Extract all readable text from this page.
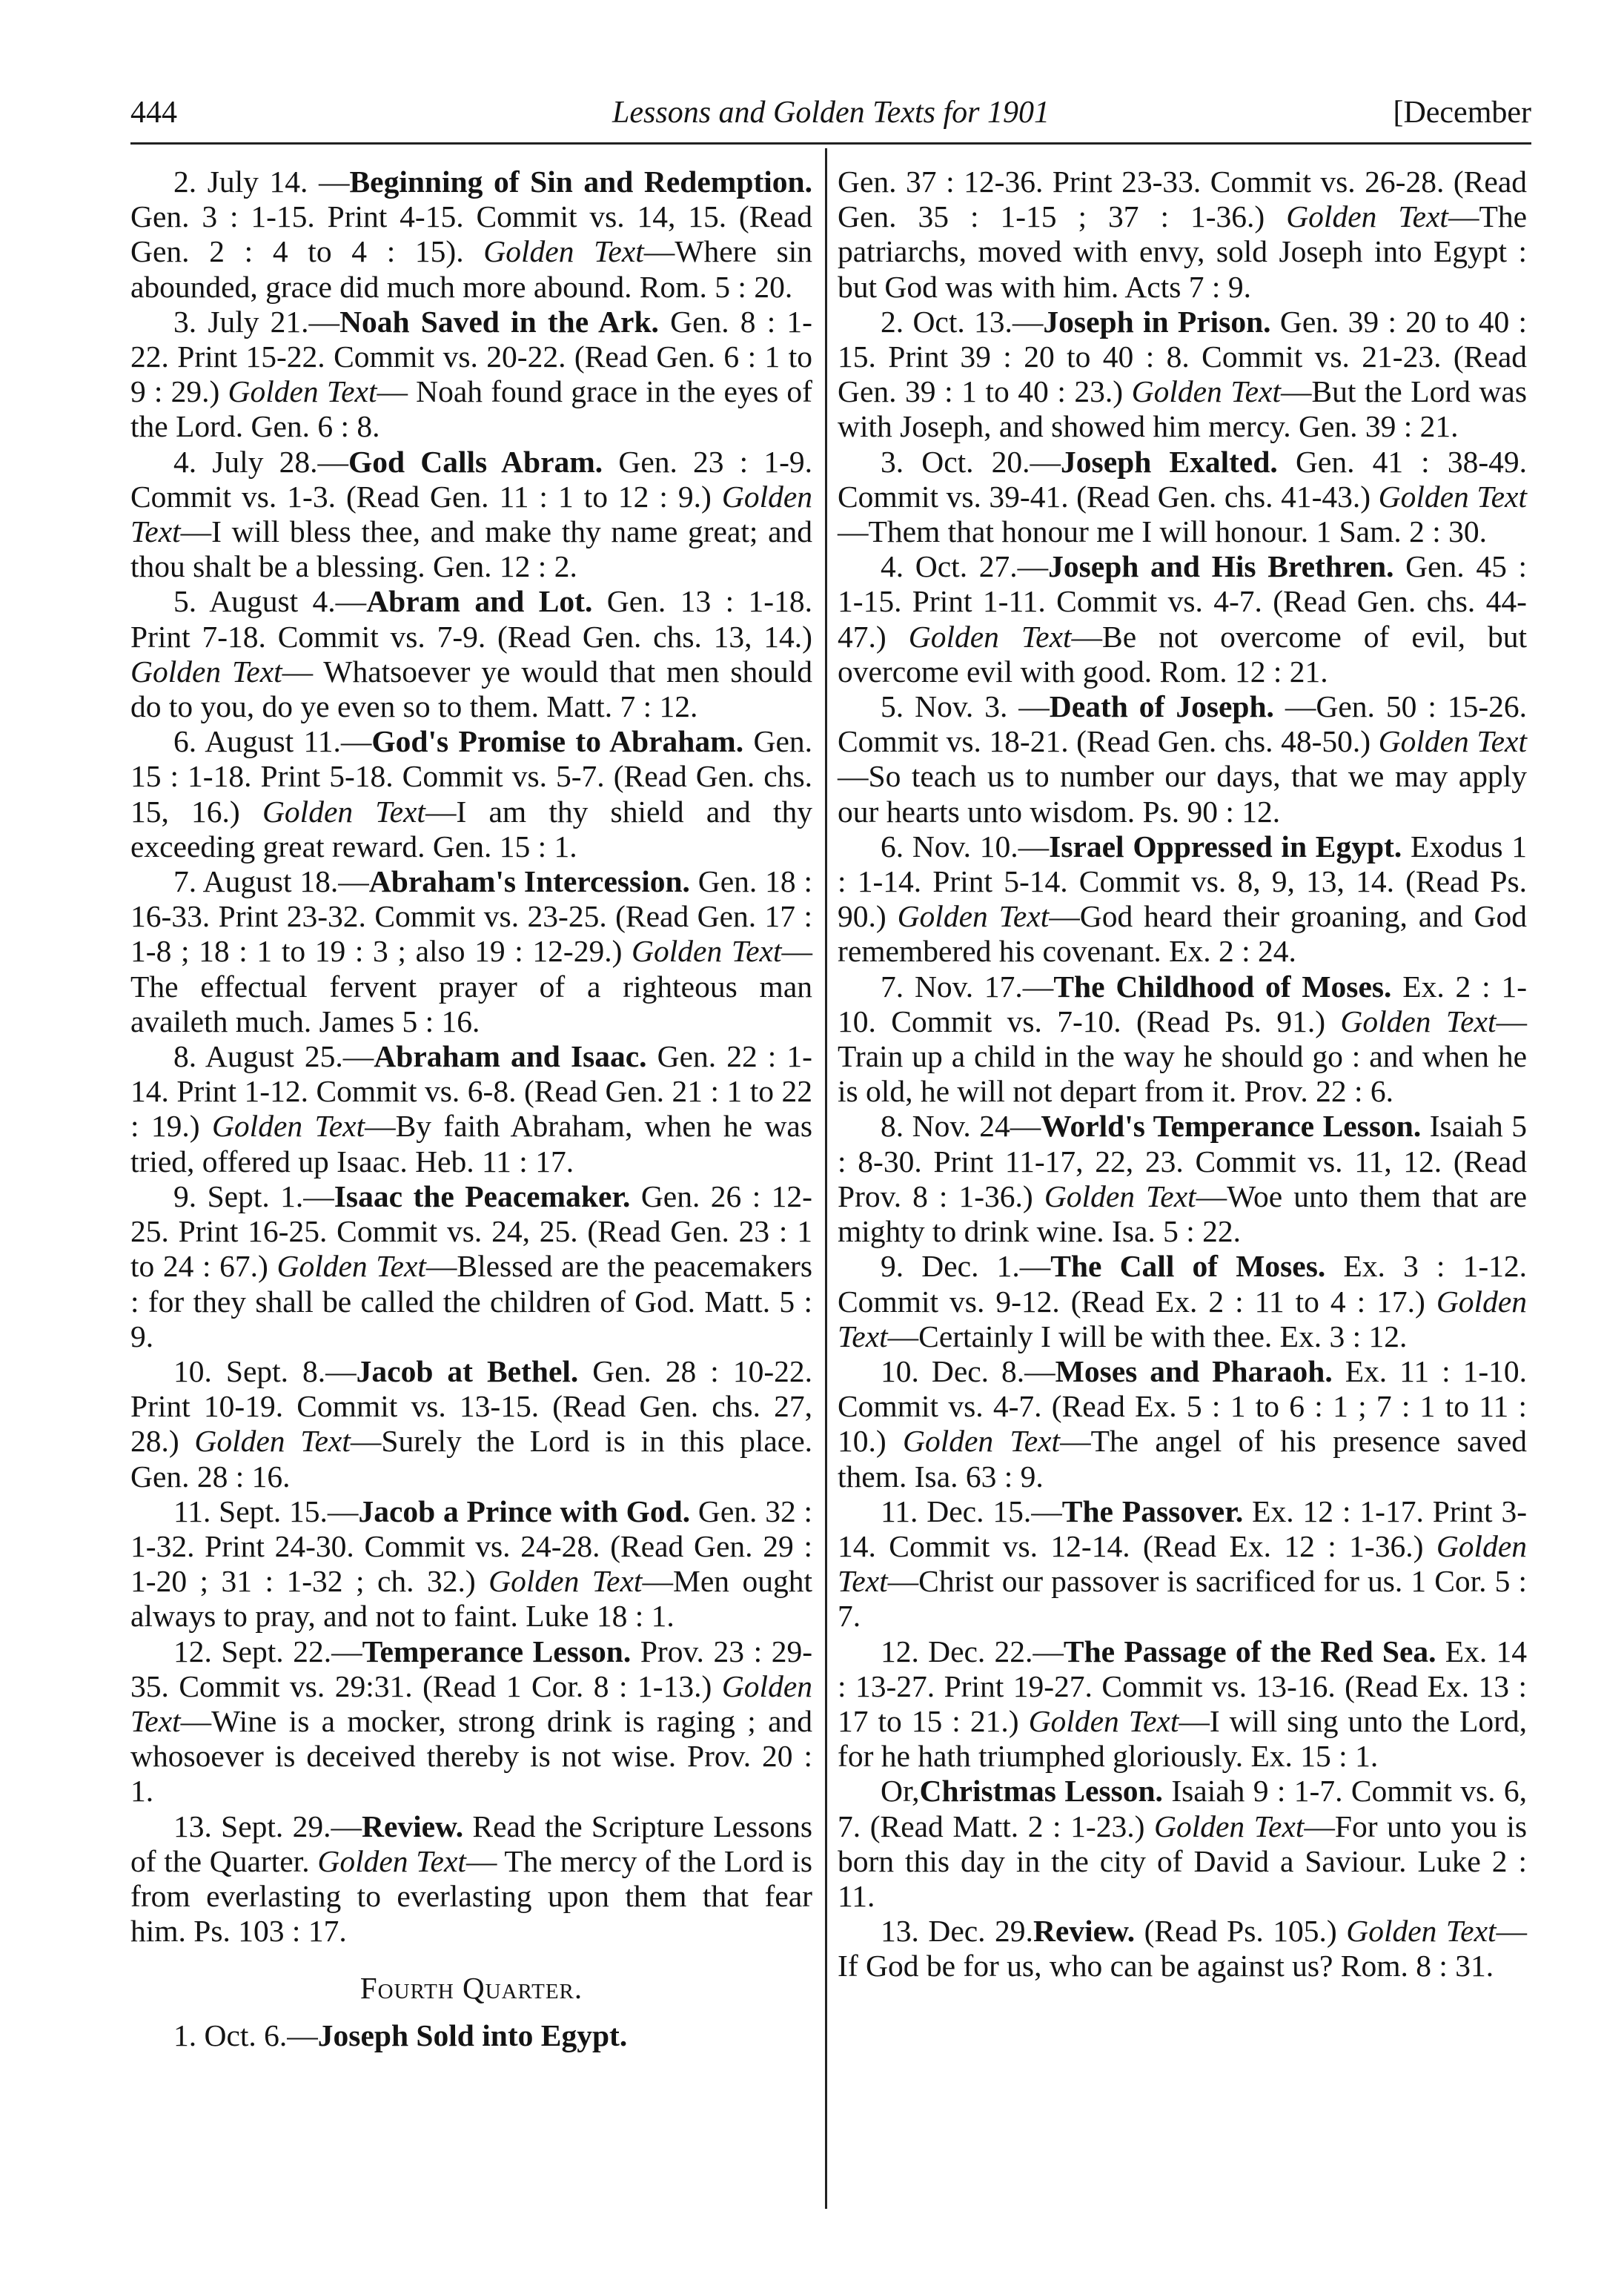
444	Lessons and Golden Texts for 1901	[December

2. July 14. —Beginning of Sin and Redemption. Gen. 3 : 1-15. Print 4-15. Commit vs. 14, 15. (Read Gen. 2 : 4 to 4 : 15). Golden Text—Where sin abounded, grace did much more abound. Rom. 5 : 20.

3. July 21.—Noah Saved in the Ark. Gen. 8 : 1-22. Print 15-22. Commit vs. 20-22. (Read Gen. 6 : 1 to 9 : 29.) Golden Text— Noah found grace in the eyes of the Lord. Gen. 6 : 8.

4. July 28.—God Calls Abram. Gen. 23 : 1-9. Commit vs. 1-3. (Read Gen. 11 : 1 to 12 : 9.) Golden Text—I will bless thee, and make thy name great; and thou shalt be a blessing. Gen. 12 : 2.

5. August 4.—Abram and Lot. Gen. 13 : 1-18. Print 7-18. Commit vs. 7-9. (Read Gen. chs. 13, 14.) Golden Text— Whatsoever ye would that men should do to you, do ye even so to them. Matt. 7 : 12.

6. August 11.—God's Promise to Abraham. Gen. 15 : 1-18. Print 5-18. Commit vs. 5-7. (Read Gen. chs. 15, 16.) Golden Text—I am thy shield and thy exceeding great reward. Gen. 15 : 1.

7. August 18.—Abraham's Intercession. Gen. 18 : 16-33. Print 23-32. Commit vs. 23-25. (Read Gen. 17 : 1-8 ; 18 : 1 to 19 : 3 ; also 19 : 12-29.) Golden Text—The effectual fervent prayer of a righteous man availeth much. James 5 : 16.

8. August 25.—Abraham and Isaac. Gen. 22 : 1-14. Print 1-12. Commit vs. 6-8. (Read Gen. 21 : 1 to 22 : 19.) Golden Text—By faith Abraham, when he was tried, offered up Isaac. Heb. 11 : 17.

9. Sept. 1.—Isaac the Peacemaker. Gen. 26 : 12-25. Print 16-25. Commit vs. 24, 25. (Read Gen. 23 : 1 to 24 : 67.) Golden Text—Blessed are the peacemakers : for they shall be called the children of God. Matt. 5 : 9.

10. Sept. 8.—Jacob at Bethel. Gen. 28 : 10-22. Print 10-19. Commit vs. 13-15. (Read Gen. chs. 27, 28.) Golden Text—Surely the Lord is in this place. Gen. 28 : 16.

11. Sept. 15.—Jacob a Prince with God. Gen. 32 : 1-32. Print 24-30. Commit vs. 24-28. (Read Gen. 29 : 1-20 ; 31 : 1-32 ; ch. 32.) Golden Text—Men ought always to pray, and not to faint. Luke 18 : 1.

12. Sept. 22.—Temperance Lesson. Prov. 23 : 29-35. Commit vs. 29:31. (Read 1 Cor. 8 : 1-13.) Golden Text—Wine is a mocker, strong drink is raging ; and whosoever is deceived thereby is not wise. Prov. 20 : 1.

13. Sept. 29.—Review. Read the Scripture Lessons of the Quarter. Golden Text— The mercy of the Lord is from everlasting to everlasting upon them that fear him. Ps. 103 : 17.

Fourth Quarter.

1. Oct. 6.—Joseph Sold into Egypt.

Gen. 37 : 12-36. Print 23-33. Commit vs. 26-28. (Read Gen. 35 : 1-15 ; 37 : 1-36.) Golden Text—The patriarchs, moved with envy, sold Joseph into Egypt : but God was with him. Acts 7 : 9.

2. Oct. 13.—Joseph in Prison. Gen. 39 : 20 to 40 : 15. Print 39 : 20 to 40 : 8. Commit vs. 21-23. (Read Gen. 39 : 1 to 40 : 23.) Golden Text—But the Lord was with Joseph, and showed him mercy. Gen. 39 : 21.

3. Oct. 20.—Joseph Exalted. Gen. 41 : 38-49. Commit vs. 39-41. (Read Gen. chs. 41-43.) Golden Text—Them that honour me I will honour. 1 Sam. 2 : 30.

4. Oct. 27.—Joseph and His Brethren. Gen. 45 : 1-15. Print 1-11. Commit vs. 4-7. (Read Gen. chs. 44-47.) Golden Text—Be not overcome of evil, but overcome evil with good. Rom. 12 : 21.

5. Nov. 3. —Death of Joseph. —Gen. 50 : 15-26. Commit vs. 18-21. (Read Gen. chs. 48-50.) Golden Text—So teach us to number our days, that we may apply our hearts unto wisdom. Ps. 90 : 12.

6. Nov. 10.—Israel Oppressed in Egypt. Exodus 1 : 1-14. Print 5-14. Commit vs. 8, 9, 13, 14. (Read Ps. 90.) Golden Text—God heard their groaning, and God remembered his covenant. Ex. 2 : 24.

7. Nov. 17.—The Childhood of Moses. Ex. 2 : 1-10. Commit vs. 7-10. (Read Ps. 91.) Golden Text—Train up a child in the way he should go : and when he is old, he will not depart from it. Prov. 22 : 6.

8. Nov. 24—World's Temperance Lesson. Isaiah 5 : 8-30. Print 11-17, 22, 23. Commit vs. 11, 12. (Read Prov. 8 : 1-36.) Golden Text—Woe unto them that are mighty to drink wine. Isa. 5 : 22.

9. Dec. 1.—The Call of Moses. Ex. 3 : 1-12. Commit vs. 9-12. (Read Ex. 2 : 11 to 4 : 17.) Golden Text—Certainly I will be with thee. Ex. 3 : 12.

10. Dec. 8.—Moses and Pharaoh. Ex. 11 : 1-10. Commit vs. 4-7. (Read Ex. 5 : 1 to 6 : 1 ; 7 : 1 to 11 : 10.) Golden Text—The angel of his presence saved them. Isa. 63 : 9.

11. Dec. 15.—The Passover. Ex. 12 : 1-17. Print 3-14. Commit vs. 12-14. (Read Ex. 12 : 1-36.) Golden Text—Christ our passover is sacrificed for us. 1 Cor. 5 : 7.

12. Dec. 22.—The Passage of the Red Sea. Ex. 14 : 13-27. Print 19-27. Commit vs. 13-16. (Read Ex. 13 : 17 to 15 : 21.) Golden Text—I will sing unto the Lord, for he hath triumphed gloriously. Ex. 15 : 1.

Or,Christmas Lesson. Isaiah 9 : 1-7. Commit vs. 6, 7. (Read Matt. 2 : 1-23.) Golden Text—For unto you is born this day in the city of David a Saviour. Luke 2 : 11.

13. Dec. 29.Review. (Read Ps. 105.) Golden Text—If God be for us, who can be against us? Rom. 8 : 31.
